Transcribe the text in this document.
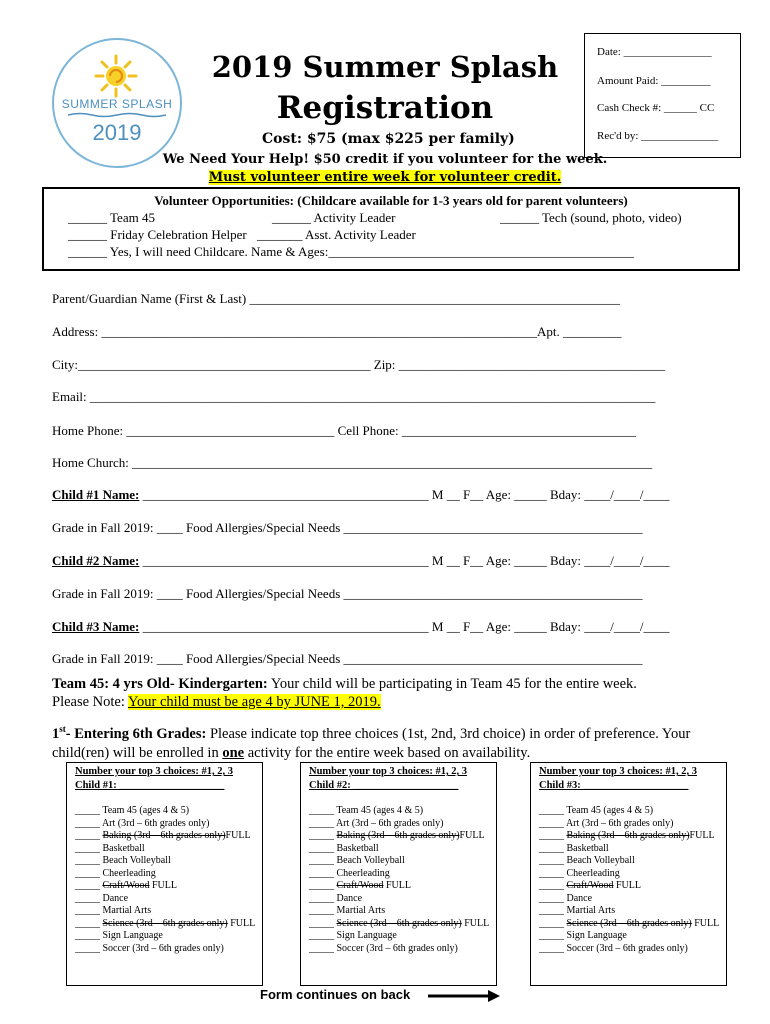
SUMMER SPLASH
2019
2019 Summer Splash
Registration
Cost: $75 (max $225 per family)
Date: ________________
Amount Paid: _________
Cash Check #: ______ CC
Rec'd by: ______________
We Need Your Help! $50 credit if you volunteer for the week.
Must volunteer entire week for volunteer credit.
Volunteer Opportunities: (Childcare available for 1-3 years old for parent volunteers)
______ Team 45	______ Activity Leader	______ Tech (sound, photo, video)
______ Friday Celebration Helper _______ Asst. Activity Leader
______ Yes, I will need Childcare. Name & Ages:_______________________________________________
Parent/Guardian Name (First & Last) _________________________________________________________
Address: ___________________________________________________________________Apt. _________
City:_____________________________________________ Zip: _________________________________________
Email: _______________________________________________________________________________________
Home Phone: ________________________________ Cell Phone: ____________________________________
Home Church: ________________________________________________________________________________
Child #1 Name: ____________________________________________ M __ F__ Age: _____ Bday: ____/____/____
Grade in Fall 2019: ____ Food Allergies/Special Needs ______________________________________________
Child #2 Name: ____________________________________________ M __ F__ Age: _____ Bday: ____/____/____
Grade in Fall 2019: ____ Food Allergies/Special Needs ______________________________________________
Child #3 Name: ____________________________________________ M __ F__ Age: _____ Bday: ____/____/____
Grade in Fall 2019: ____ Food Allergies/Special Needs ______________________________________________
Team 45: 4 yrs Old- Kindergarten: Your child will be participating in Team 45 for the entire week.
Please Note: Your child must be age 4 by JUNE 1, 2019.
1st- Entering 6th Grades: Please indicate top three choices (1st, 2nd, 3rd choice) in order of preference. Your child(ren) will be enrolled in one activity for the entire week based on availability.
Number your top 3 choices: #1, 2, 3
Child #1: ____________________
_____ Team 45 (ages 4 & 5)
_____ Art (3rd – 6th grades only)
_____ Baking (3rd – 6th grades only)FULL
_____ Basketball
_____ Beach Volleyball
_____ Cheerleading
_____ Craft/Wood FULL
_____ Dance
_____ Martial Arts
_____ Science (3rd – 6th grades only) FULL
_____ Sign Language
_____ Soccer (3rd – 6th grades only)
Number your top 3 choices: #1, 2, 3
Child #2: ____________________
_____ Team 45 (ages 4 & 5)
_____ Art (3rd – 6th grades only)
_____ Baking (3rd – 6th grades only)FULL
_____ Basketball
_____ Beach Volleyball
_____ Cheerleading
_____ Craft/Wood FULL
_____ Dance
_____ Martial Arts
_____ Science (3rd – 6th grades only) FULL
_____ Sign Language
_____ Soccer (3rd – 6th grades only)
Number your top 3 choices: #1, 2, 3
Child #3: ____________________
_____ Team 45 (ages 4 & 5)
_____ Art (3rd – 6th grades only)
_____ Baking (3rd – 6th grades only)FULL
_____ Basketball
_____ Beach Volleyball
_____ Cheerleading
_____ Craft/Wood FULL
_____ Dance
_____ Martial Arts
_____ Science (3rd – 6th grades only) FULL
_____ Sign Language
_____ Soccer (3rd – 6th grades only)
Form continues on back
